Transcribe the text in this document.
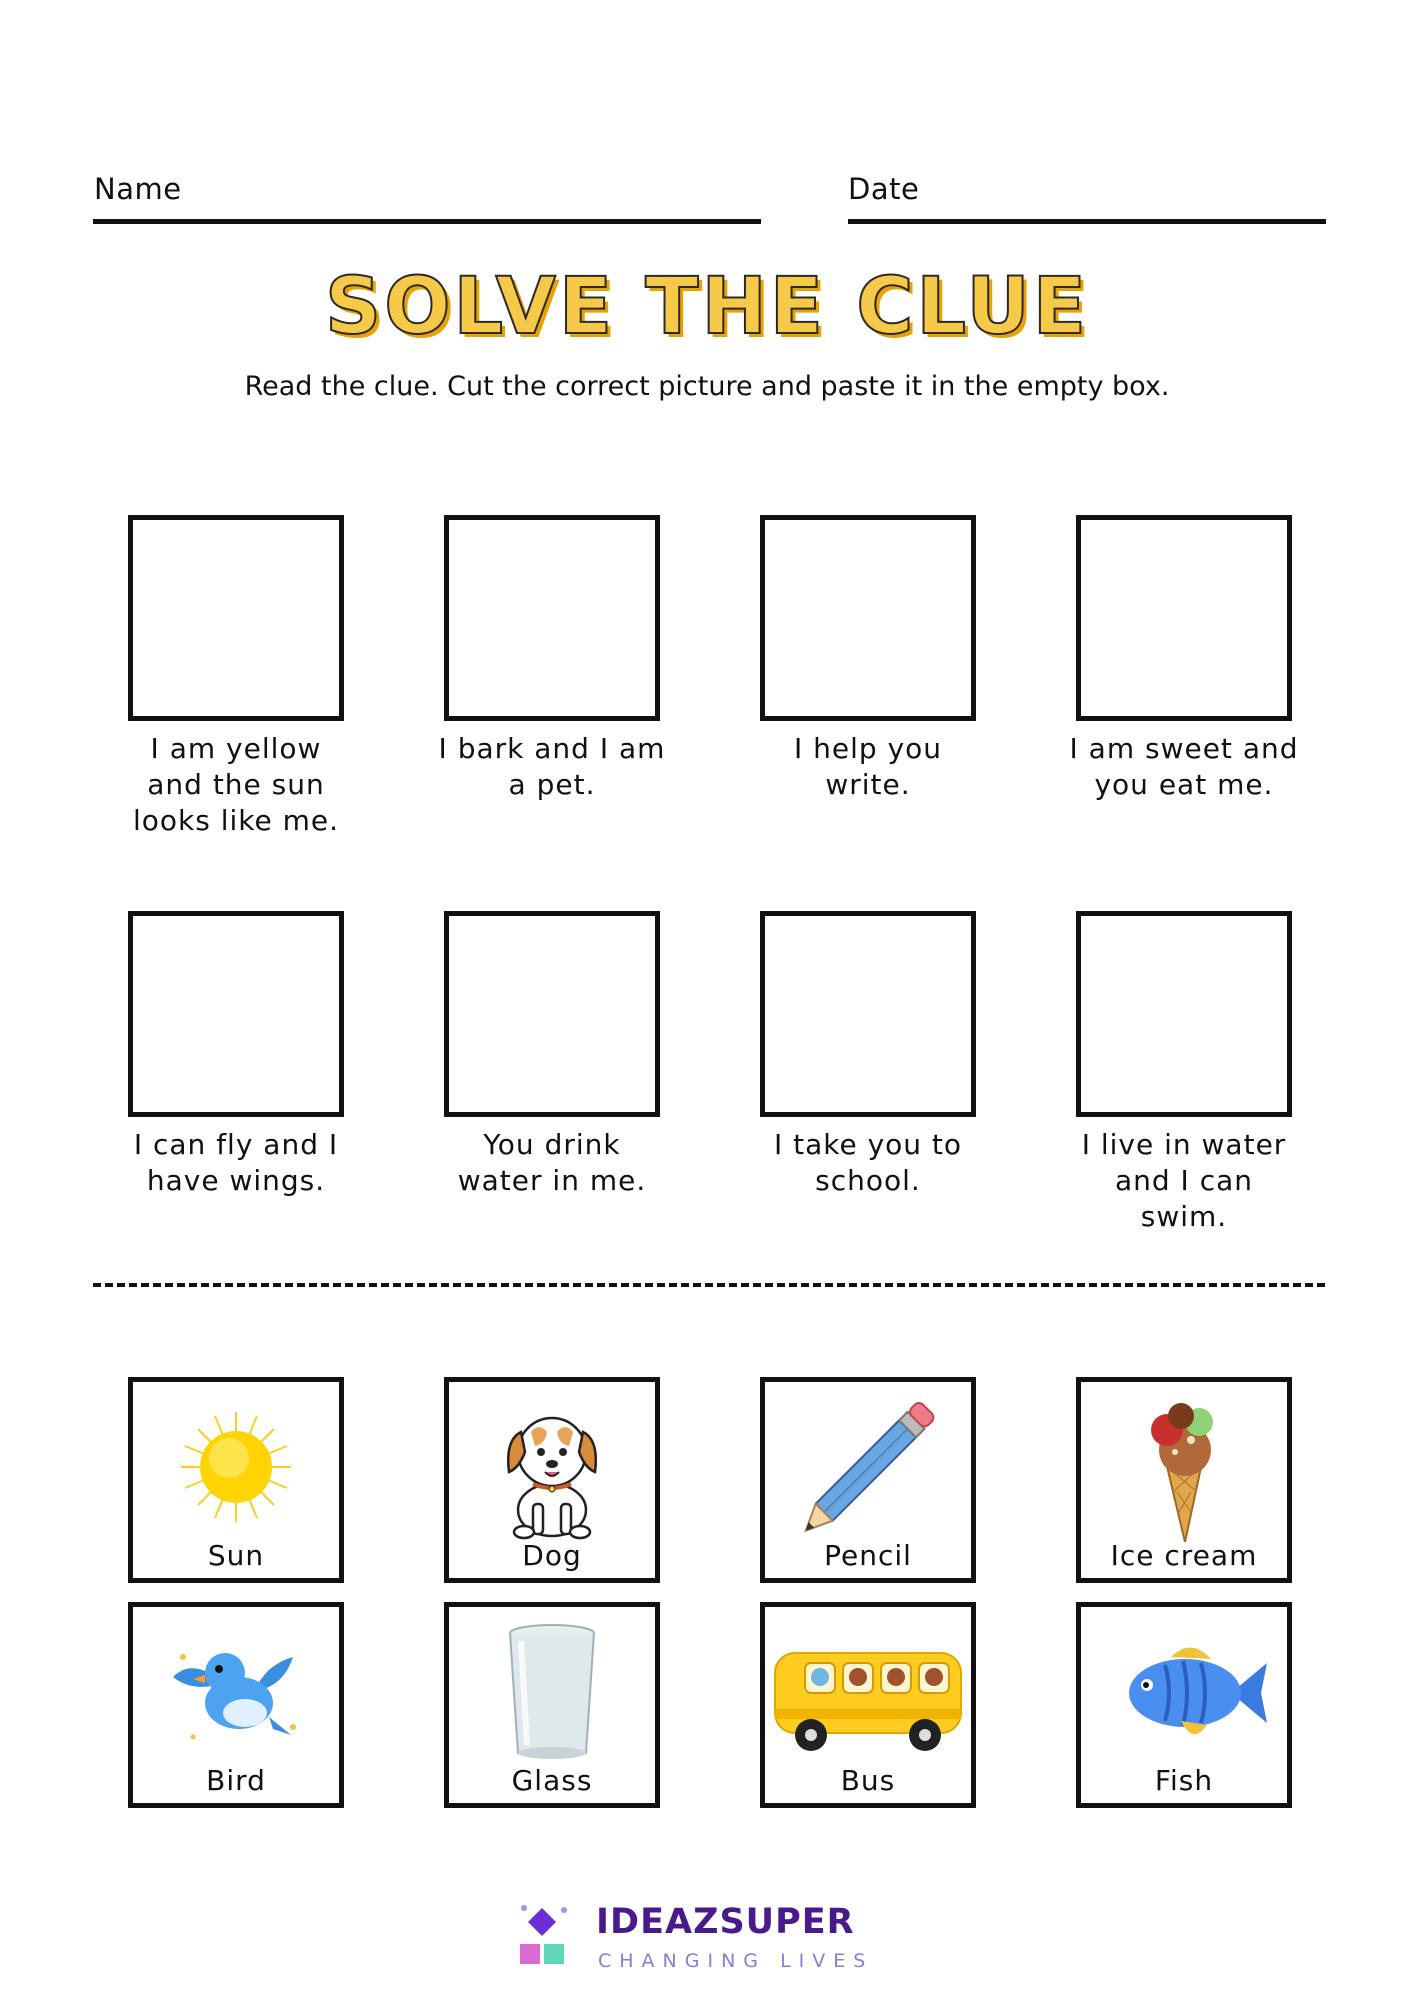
Name	Date
SOLVE THE CLUE
Read the clue. Cut the correct picture and paste it in the empty box.
I am yellow and the sun looks like me.
I bark and I am a pet.
I help you write.
I am sweet and you eat me.
I can fly and I have wings.
You drink water in me.
I take you to school.
I live in water and I can swim.
Sun	Dog	Pencil	Ice cream
Bird	Glass	Bus	Fish
IDEAZSUPER
CHANGING LIVES
